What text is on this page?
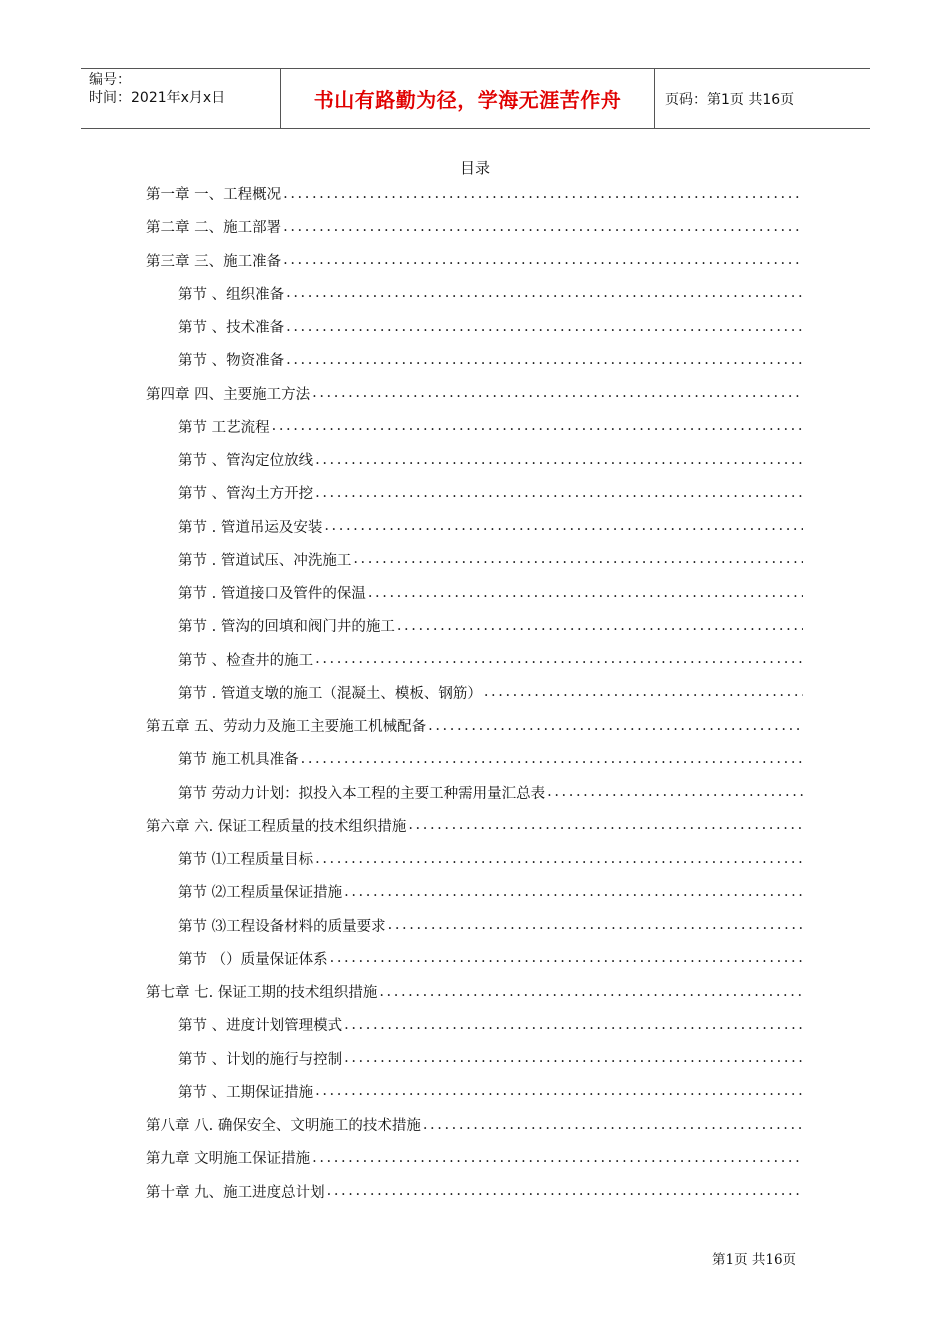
编号：
时间：2021年x月x日	书山有路勤为径，学海无涯苦作舟	页码：第1页 共16页
目录
第一章 一、工程概况
.....
第二章 二、施工部署
.....
第三章 三、施工准备
.....
第节 、组织准备
.....
第节 、技术准备
.....
第节 、物资准备
.....
第四章 四、主要施工方法
.....
第节 工艺流程
.....
第节 、管沟定位放线
.....
第节 、管沟土方开挖
.....
第节 . 管道吊运及安装
.....
第节 . 管道试压、冲洗施工
.....
第节 . 管道接口及管件的保温
.....
第节 . 管沟的回填和阀门井的施工
.....
第节 、检查井的施工
.....
第节 . 管道支墩的施工（混凝土、模板、钢筋）
.....
第五章 五、劳动力及施工主要施工机械配备
.....
第节 施工机具准备
.....
第节 劳动力计划：拟投入本工程的主要工种需用量汇总表
.....
第六章 六. 保证工程质量的技术组织措施
.....
第节 ⑴工程质量目标
.....
第节 ⑵工程质量保证措施
.....
第节 ⑶工程设备材料的质量要求
.....
第节 （）质量保证体系
.....
第七章 七. 保证工期的技术组织措施
.....
第节 、进度计划管理模式
.....
第节 、计划的施行与控制
.....
第节 、工期保证措施
.....
第八章 八. 确保安全、文明施工的技术措施
.....
第九章 文明施工保证措施
.....
第十章 九、施工进度总计划
.....
第1页 共16页
